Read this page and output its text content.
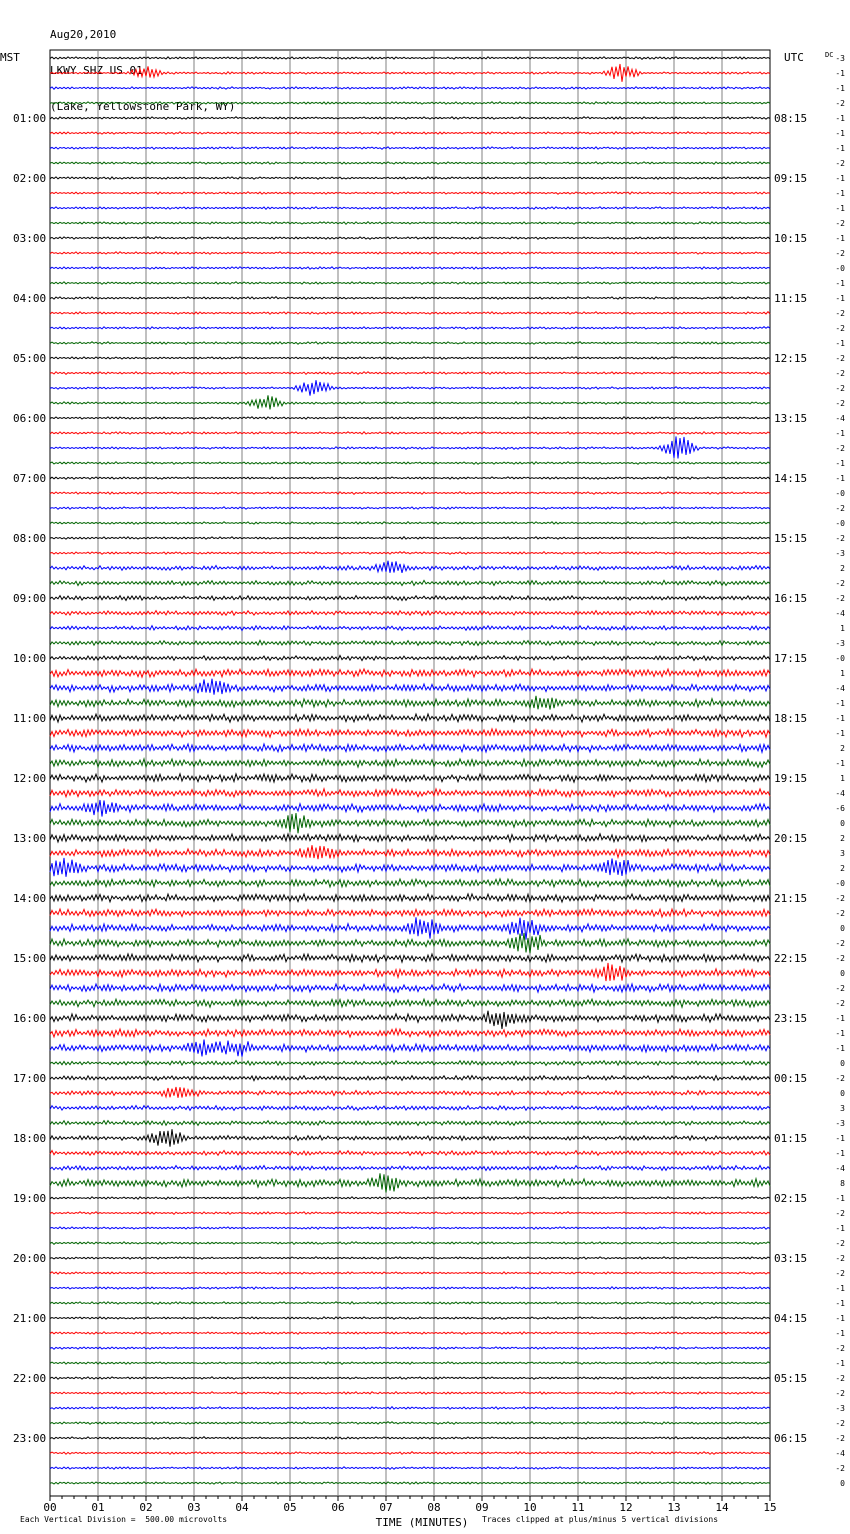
Aug20,2010

LKWY SHZ US 01

(Lake, Yellowstone Park, WY)

MST	UTC	DC
01:00
02:00
03:00
04:00
05:00
06:00
07:00
08:00
09:00
10:00
11:00
12:00
13:00
14:00
15:00
16:00
17:00
18:00
19:00
20:00
21:00
22:00
23:00
08:15
09:15
10:15
11:15
12:15
13:15
14:15
15:15
16:15
17:15
18:15
19:15
20:15
21:15
22:15
23:15
00:15
01:15
02:15
03:15
04:15
05:15
06:15
-3
-1
-1
-2
-1
-1
-1
-2
-1
-1
-1
-2
-1
-2
-0
-1
-1
-2
-2
-1
-2
-2
-2
-2
-4
-1
-2
-1
-1
-0
-2
-0
-2
-3
2
-2
-2
-4
1
-3
-0
1
-4
-1
-1
-1
2
-1
1
-4
-6
0
2
3
2
-0
-2
-2
0
-2
-2
0
-2
-2
-1
-1
-1
0
-2
0
3
-3
-1
-1
-4
8
-1
-2
-1
-2
-2
-2
-1
-1
-1
-1
-2
-1
-2
-2
-3
-2
-2
-4
-2
0
00	01	02	03	04	05	06	07	08	09	10	11	12	13	14	15
TIME (MINUTES)
Each Vertical Division =  500.00 microvolts	Traces clipped at plus/minus 5 vertical divisions
